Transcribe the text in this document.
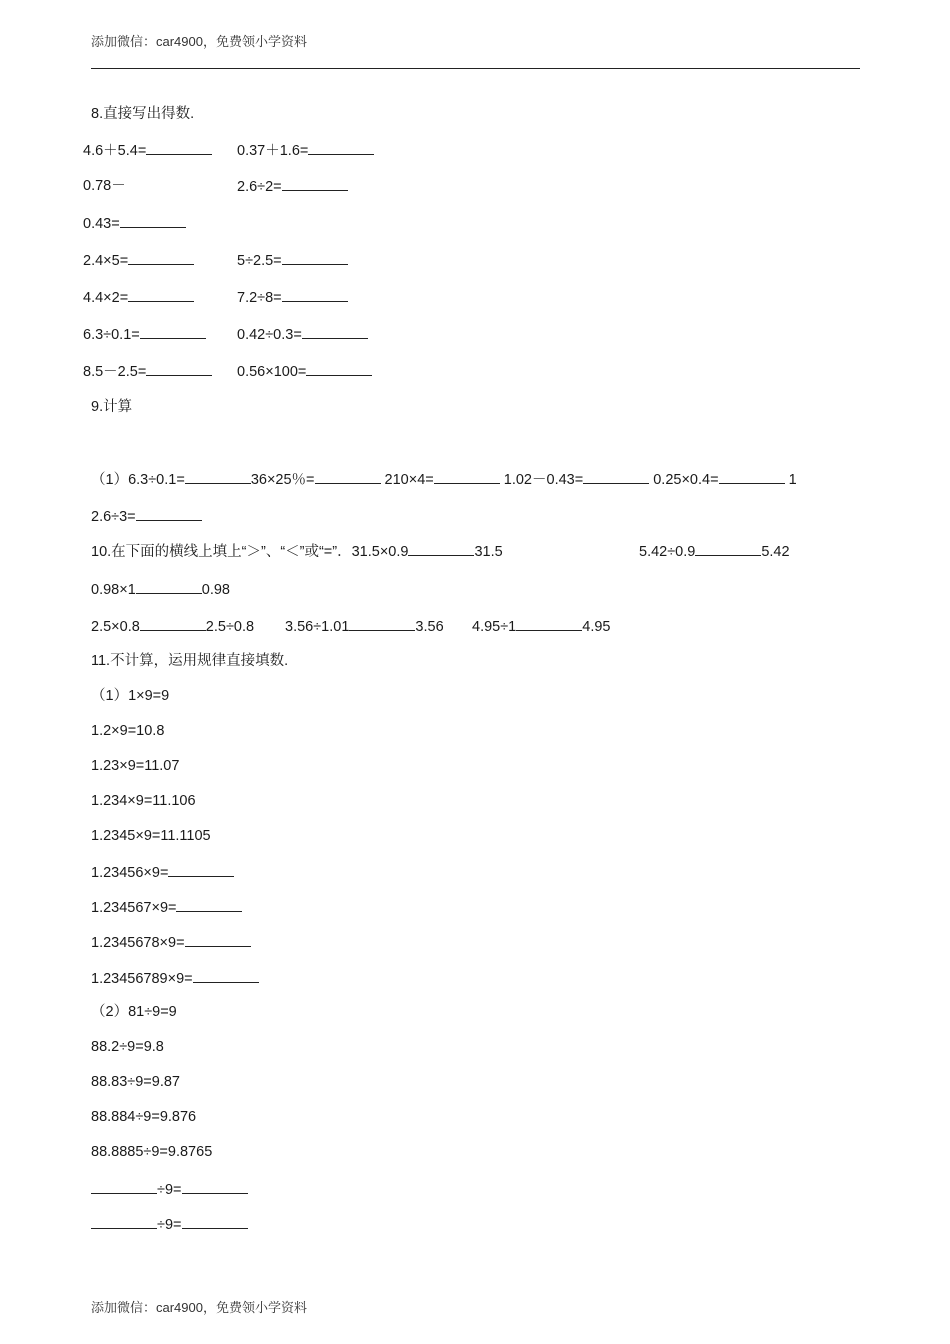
添加微信：car4900，免费领小学资料
8.直接写出得数.
4.6＋5.4=	0.37＋1.6=
0.78－	2.6÷2=
0.43=
2.4×5=	5÷2.5=
4.4×2=	7.2÷8=
6.3÷0.1=	0.42÷0.3=
8.5－2.5=	0.56×100=
9.计算
（1）6.3÷0.1=	36×25％=	210×4=	1.02－0.43=	0.25×0.4=	1
2.6÷3=
10.在下面的横线上填上“＞”、“＜”或“=”．31.5×0.9	31.5	5.42÷0.9	5.42
0.98×1	0.98
2.5×0.8	2.5÷0.8 3.56÷1.01	3.56 4.95÷1	4.95
11.不计算，运用规律直接填数.
（1）1×9=9
1.2×9=10.8
1.23×9=11.07
1.234×9=11.106
1.2345×9=11.1105
1.23456×9=
1.234567×9=
1.2345678×9=
1.23456789×9=
（2）81÷9=9
88.2÷9=9.8
88.83÷9=9.87
88.884÷9=9.876
88.8885÷9=9.8765
÷9=
÷9=
添加微信：car4900，免费领小学资料
